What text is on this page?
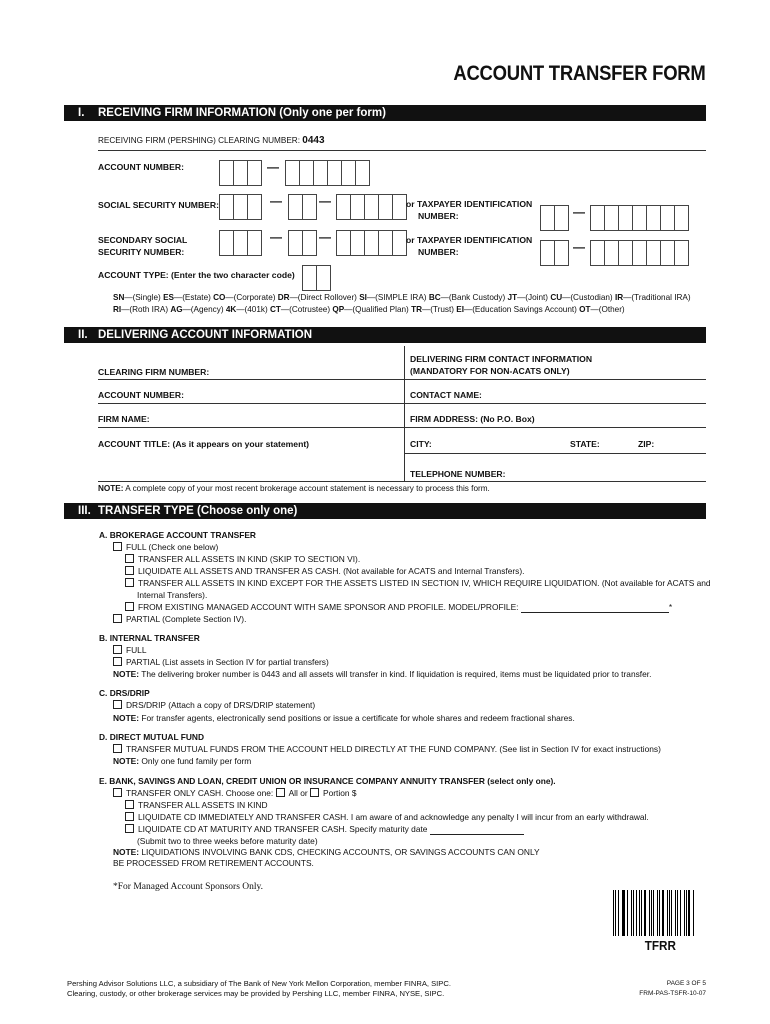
ACCOUNT TRANSFER FORM
I. RECEIVING FIRM INFORMATION (Only one per form)
RECEIVING FIRM (PERSHING) CLEARING NUMBER: 0443
ACCOUNT NUMBER:	—
SOCIAL SECURITY NUMBER:	—	—	or TAXPAYER IDENTIFICATION
NUMBER:	—
SECONDARY SOCIAL
SECURITY NUMBER:
—	—	or TAXPAYER IDENTIFICATION
NUMBER:	—
ACCOUNT TYPE: (Enter the two character code)
SN—(Single) ES—(Estate) CO—(Corporate) DR—(Direct Rollover) SI—(SIMPLE IRA) BC—(Bank Custody) JT—(Joint) CU—(Custodian) IR—(Traditional IRA)
RI—(Roth IRA) AG—(Agency) 4K—(401k) CT—(Cotrustee) QP—(Qualified Plan) TR—(Trust) EI—(Education Savings Account) OT—(Other)
II. DELIVERING ACCOUNT INFORMATION
DELIVERING FIRM CONTACT INFORMATION
(MANDATORY FOR NON-ACATS ONLY)
CLEARING FIRM NUMBER:
ACCOUNT NUMBER:	CONTACT NAME:
FIRM NAME:	FIRM ADDRESS: (No P.O. Box)
ACCOUNT TITLE: (As it appears on your statement)	CITY:	STATE:	ZIP:
TELEPHONE NUMBER:
NOTE: A complete copy of your most recent brokerage account statement is necessary to process this form.
III. TRANSFER TYPE (Choose only one)
A. BROKERAGE ACCOUNT TRANSFER
FULL (Check one below)
TRANSFER ALL ASSETS IN KIND (SKIP TO SECTION VI).
LIQUIDATE ALL ASSETS AND TRANSFER AS CASH. (Not available for ACATS and Internal Transfers).
TRANSFER ALL ASSETS IN KIND EXCEPT FOR THE ASSETS LISTED IN SECTION IV, WHICH REQUIRE LIQUIDATION. (Not available for ACATS and
Internal Transfers).
FROM EXISTING MANAGED ACCOUNT WITH SAME SPONSOR AND PROFILE. MODEL/PROFILE:	*
PARTIAL (Complete Section IV).
B. INTERNAL TRANSFER
FULL
PARTIAL (List assets in Section IV for partial transfers)
NOTE: The delivering broker number is 0443 and all assets will transfer in kind. If liquidation is required, items must be liquidated prior to transfer.
C. DRS/DRIP
DRS/DRIP (Attach a copy of DRS/DRIP statement)
NOTE: For transfer agents, electronically send positions or issue a certificate for whole shares and redeem fractional shares.
D. DIRECT MUTUAL FUND
TRANSFER MUTUAL FUNDS FROM THE ACCOUNT HELD DIRECTLY AT THE FUND COMPANY. (See list in Section IV for exact instructions)
NOTE: Only one fund family per form
E. BANK, SAVINGS AND LOAN, CREDIT UNION OR INSURANCE COMPANY ANNUITY TRANSFER (select only one).
TRANSFER ONLY CASH. Choose one: All or Portion $
TRANSFER ALL ASSETS IN KIND
LIQUIDATE CD IMMEDIATELY AND TRANSFER CASH. I am aware of and acknowledge any penalty I will incur from an early withdrawal.
LIQUIDATE CD AT MATURITY AND TRANSFER CASH. Specify maturity date
(Submit two to three weeks before maturity date)
NOTE: LIQUIDATIONS INVOLVING BANK CDS, CHECKING ACCOUNTS, OR SAVINGS ACCOUNTS CAN ONLY
BE PROCESSED FROM RETIREMENT ACCOUNTS.
*For Managed Account Sponsors Only.
TFRR
Pershing Advisor Solutions LLC, a subsidiary of The Bank of New York Mellon Corporation, member FINRA, SIPC.
Clearing, custody, or other brokerage services may be provided by Pershing LLC, member FINRA, NYSE, SIPC.
PAGE 3 OF 5
FRM-PAS-TSFR-10-07
